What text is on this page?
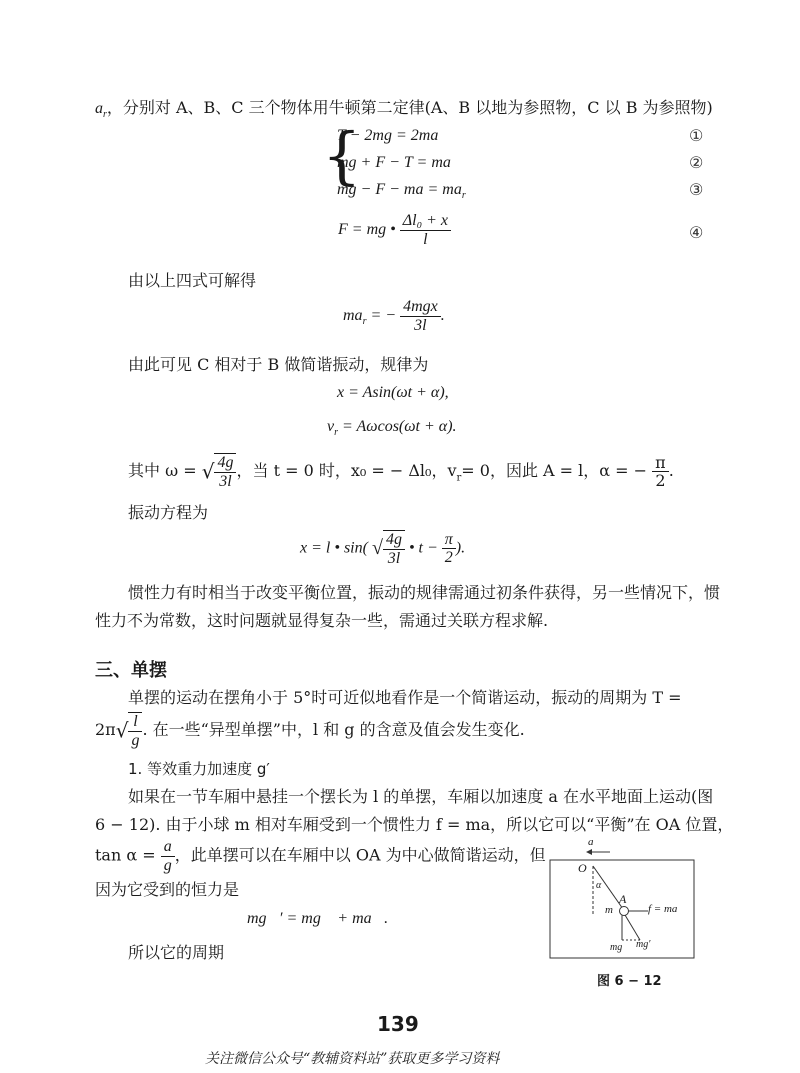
$a_r$，分别对 A、B、C 三个物体用牛顿第二定律(A、B 以地为参照物，C 以 B 为参照物)
{
T − 2mg = 2ma	①
mg + F − T = ma	②
mg − F − ma = $ma_r$	③
F = mg • $\frac{\text{Δl₀ + x}}{l}$	④
由以上四式可解得
$ma_r$ = − $\frac{\text{4mgx}}{3l}$ .
由此可见 C 相对于 B 做简谐振动，规律为
x = Asin(ωt + α),
$v_r = A\omega\cos(\omega t + \alpha)$.
其中 ω = √ $\frac{4g}{3l}$ ，当 t = 0 时，x₀ = − Δl₀，$v_r= 0$，因此 A = l，α = − $\frac{\pi}{2}$ .
振动方程为
x = l • sin( √ $\frac{4g}{3l}$ • $t - \frac{\pi}{2}$ ).
惯性力有时相当于改变平衡位置，振动的规律需通过初条件获得，另一些情况下，惯
性力不为常数，这时问题就显得复杂一些，需通过关联方程求解.
三、单摆
单摆的运动在摆角小于 5°时可近似地看作是一个简谐运动，振动的周期为 T =
$2\pi√ \frac{l}{g}$ . 在一些“异型单摆”中，l 和 g 的含意及值会发生变化.
1. 等效重力加速度 g′
如果在一节车厢中悬挂一个摆长为 l 的单摆，车厢以加速度 a 在水平地面上运动(图
6 − 12). 由于小球 m 相对车厢受到一个惯性力 f = ma，所以它可以“平衡”在 OA 位置，
$\tan \alpha = \frac{a}{g}$ ，此单摆可以在车厢中以 OA 为中心做简谐运动，但
因为它受到的恒力是
mg⃗′ = mg⃗ + ma⃗.
所以它的周期
a
O
α
A
m	f = ma
mg mg′
图 6 − 12
139
关注微信公众号“教辅资料站”获取更多学习资料
